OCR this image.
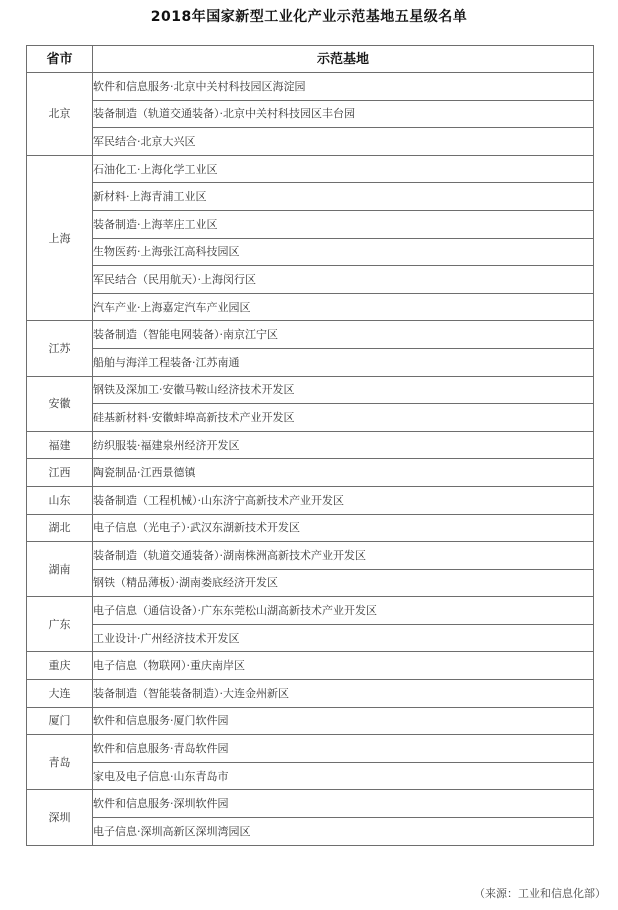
2018年国家新型工业化产业示范基地五星级名单
省市	示范基地
北京	软件和信息服务·北京中关村科技园区海淀园
	装备制造（轨道交通装备）·北京中关村科技园区丰台园
	军民结合·北京大兴区
上海	石油化工·上海化学工业区
	新材料·上海青浦工业区
	装备制造·上海莘庄工业区
	生物医药·上海张江高科技园区
	军民结合（民用航天）·上海闵行区
	汽车产业·上海嘉定汽车产业园区
江苏	装备制造（智能电网装备）·南京江宁区
	船舶与海洋工程装备·江苏南通
安徽	钢铁及深加工·安徽马鞍山经济技术开发区
	硅基新材料·安徽蚌埠高新技术产业开发区
福建	纺织服装·福建泉州经济开发区
江西	陶瓷制品·江西景德镇
山东	装备制造（工程机械）·山东济宁高新技术产业开发区
湖北	电子信息（光电子）·武汉东湖新技术开发区
湖南	装备制造（轨道交通装备）·湖南株洲高新技术产业开发区
	钢铁（精品薄板）·湖南娄底经济开发区
广东	电子信息（通信设备）·广东东莞松山湖高新技术产业开发区
	工业设计·广州经济技术开发区
重庆	电子信息（物联网）·重庆南岸区
大连	装备制造（智能装备制造）·大连金州新区
厦门	软件和信息服务·厦门软件园
青岛	软件和信息服务·青岛软件园
	家电及电子信息·山东青岛市
深圳	软件和信息服务·深圳软件园
	电子信息·深圳高新区深圳湾园区
（来源：工业和信息化部）
